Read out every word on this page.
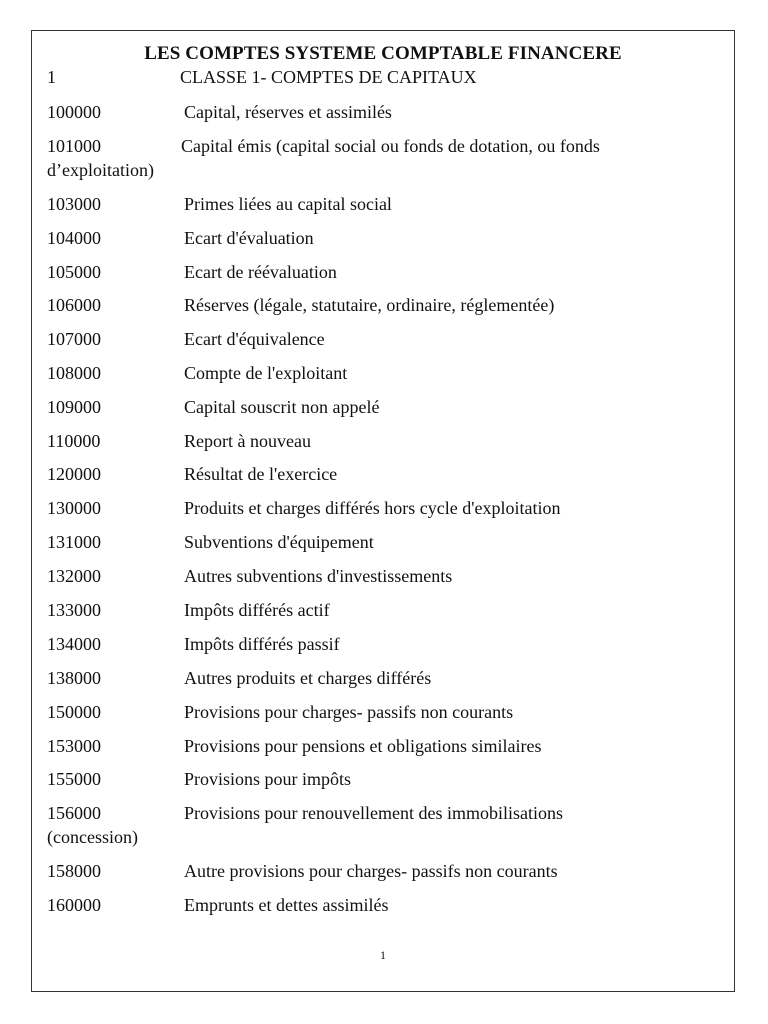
LES COMPTES SYSTEME COMPTABLE FINANCERE
1	CLASSE 1- COMPTES DE CAPITAUX
100000	Capital, réserves et assimilés
101000	Capital émis (capital social ou fonds de dotation, ou fonds
d’exploitation)
103000	Primes liées au capital social
104000	Ecart d'évaluation
105000	Ecart de réévaluation
106000	Réserves (légale, statutaire, ordinaire, réglementée)
107000	Ecart d'équivalence
108000	Compte de l'exploitant
109000	Capital souscrit non appelé
110000	Report à nouveau
120000	Résultat de l'exercice
130000	Produits et charges différés hors cycle d'exploitation
131000	Subventions d'équipement
132000	Autres subventions d'investissements
133000	Impôts différés actif
134000	Impôts différés passif
138000	Autres produits et charges différés
150000	Provisions pour charges- passifs non courants
153000	Provisions pour pensions et obligations similaires
155000	Provisions pour impôts
156000	Provisions pour renouvellement des immobilisations
(concession)
158000	Autre provisions pour charges- passifs non courants
160000	Emprunts et dettes assimilés
1
